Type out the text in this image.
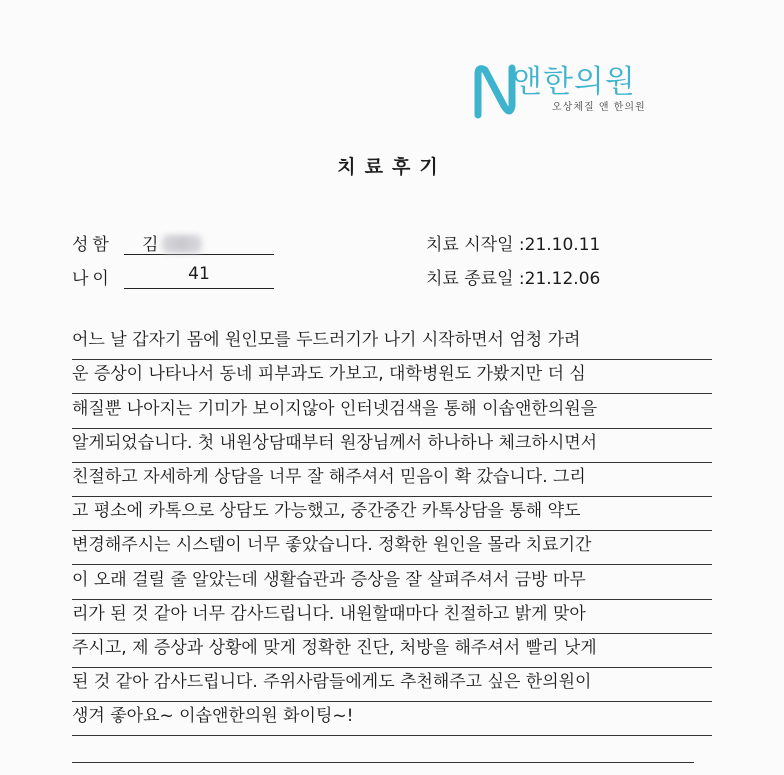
앤한의원
오상체질 앤 한의원
치료후기
성함	김
나이	41
치료 시작일 :21.10.11
치료 종료일 :21.12.06
어느 날 갑자기 몸에 원인모를 두드러기가 나기 시작하면서 엄청 가려
운 증상이 나타나서 동네 피부과도 가보고, 대학병원도 가봤지만 더 심
해질뿐 나아지는 기미가 보이지않아 인터넷검색을 통해 이솝앤한의원을
알게되었습니다. 첫 내원상담때부터 원장님께서 하나하나 체크하시면서
친절하고 자세하게 상담을 너무 잘 해주셔서 믿음이 확 갔습니다. 그리
고 평소에 카톡으로 상담도 가능했고, 중간중간 카톡상담을 통해 약도
변경해주시는 시스템이 너무 좋았습니다. 정확한 원인을 몰라 치료기간
이 오래 걸릴 줄 알았는데 생활습관과 증상을 잘 살펴주셔서 금방 마무
리가 된 것 같아 너무 감사드립니다. 내원할때마다 친절하고 밝게 맞아
주시고, 제 증상과 상황에 맞게 정확한 진단, 처방을 해주셔서 빨리 낫게
된 것 같아 감사드립니다. 주위사람들에게도 추천해주고 싶은 한의원이
생겨 좋아요~ 이솝앤한의원 화이팅~!
